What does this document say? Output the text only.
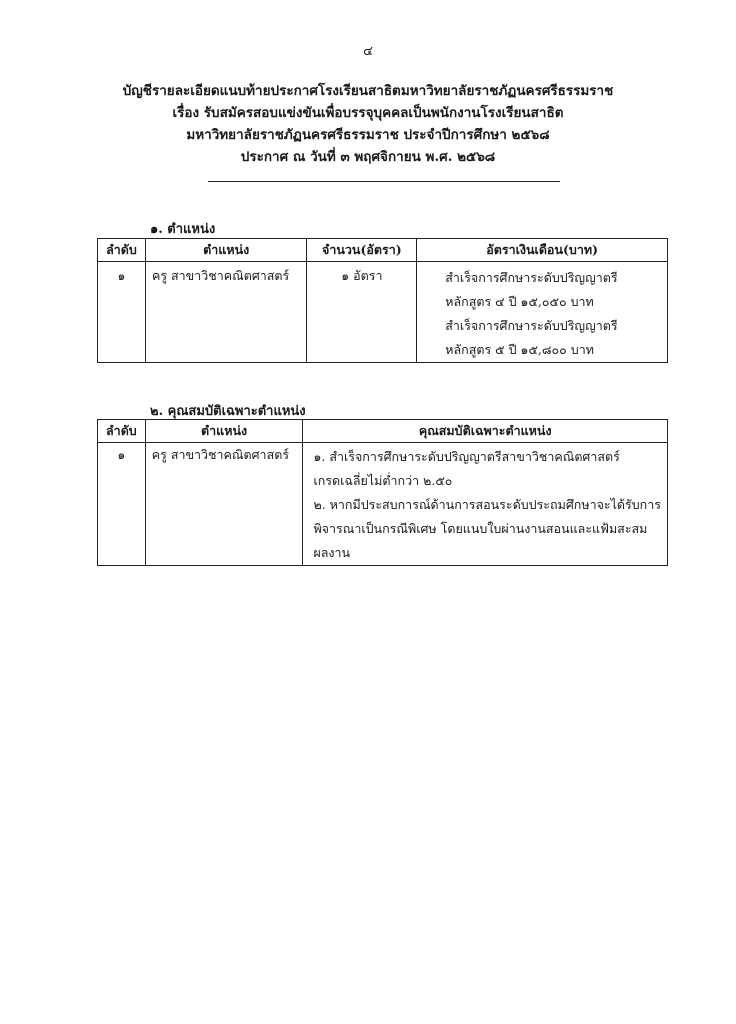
๔
บัญชีรายละเอียดแนบท้ายประกาศโรงเรียนสาธิตมหาวิทยาลัยราชภัฏนครศรีธรรมราช
เรื่อง รับสมัครสอบแข่งขันเพื่อบรรจุบุคคลเป็นพนักงานโรงเรียนสาธิต
มหาวิทยาลัยราชภัฏนครศรีธรรมราช ประจำปีการศึกษา ๒๕๖๘
ประกาศ ณ วันที่ ๓ พฤศจิกายน พ.ศ. ๒๕๖๘
๑. ตำแหน่ง
ลำดับ	ตำแหน่ง	จำนวน(อัตรา)	อัตราเงินเดือน(บาท)
๑	ครู สาขาวิชาคณิตศาสตร์	๑ อัตรา	สำเร็จการศึกษาระดับปริญญาตรี
หลักสูตร ๔ ปี ๑๕,๐๕๐ บาท
สำเร็จการศึกษาระดับปริญญาตรี
หลักสูตร ๕ ปี ๑๕,๘๐๐ บาท
๒. คุณสมบัติเฉพาะตำแหน่ง
ลำดับ	ตำแหน่ง	คุณสมบัติเฉพาะตำแหน่ง
๑	ครู สาขาวิชาคณิตศาสตร์	๑. สำเร็จการศึกษาระดับปริญญาตรีสาขาวิชาคณิตศาสตร์
เกรดเฉลี่ยไม่ต่ำกว่า ๒.๕๐
๒. หากมีประสบการณ์ด้านการสอนระดับประถมศึกษาจะได้รับการ
พิจารณาเป็นกรณีพิเศษ โดยแนบใบผ่านงานสอนและแฟ้มสะสม
ผลงาน
